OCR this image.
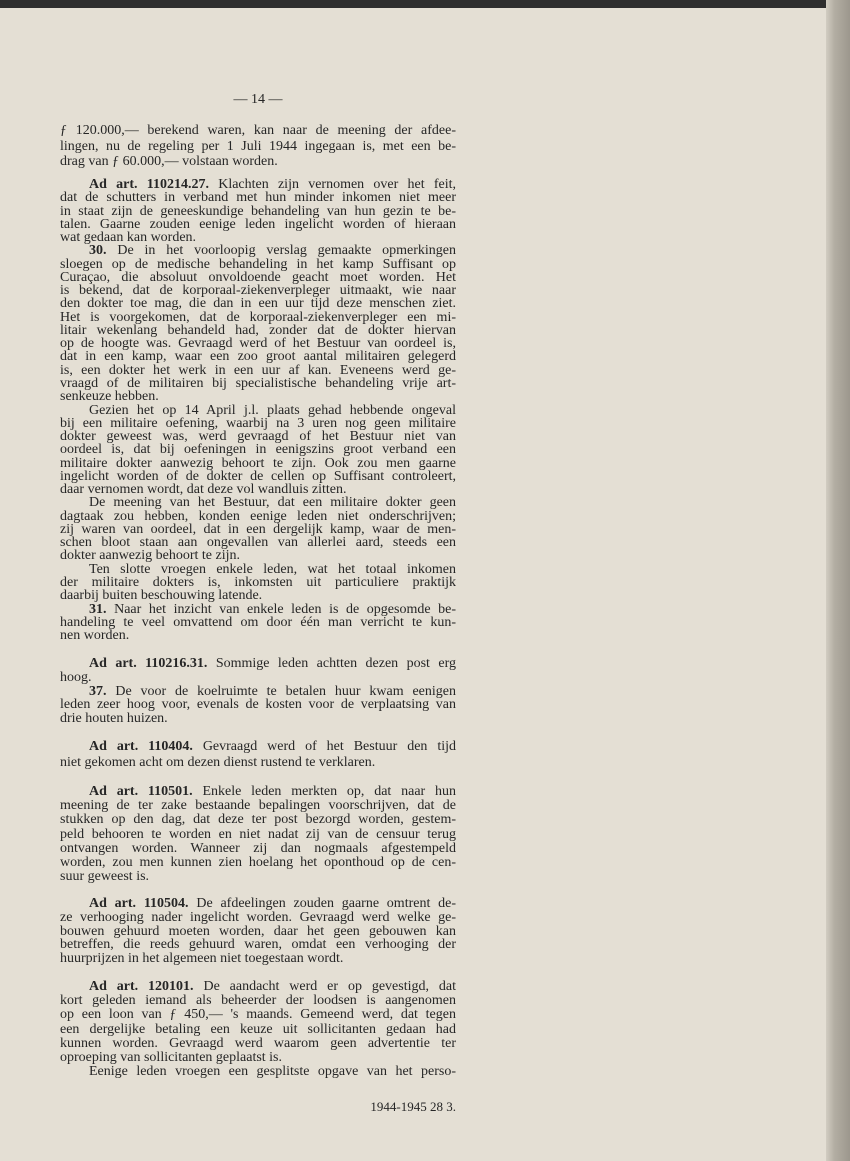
— 14 —
ƒ 120.000,— berekend waren, kan naar de meening der afdee-
lingen, nu de regeling per 1 Juli 1944 ingegaan is, met een be-
drag van ƒ 60.000,— volstaan worden.
Ad art. 110214.27. Klachten zijn vernomen over het feit,
dat de schutters in verband met hun minder inkomen niet meer
in staat zijn de geneeskundige behandeling van hun gezin te be-
talen. Gaarne zouden eenige leden ingelicht worden of hieraan
wat gedaan kan worden.
30. De in het voorloopig verslag gemaakte opmerkingen
sloegen op de medische behandeling in het kamp Suffisant op
Curaçao, die absoluut onvoldoende geacht moet worden. Het
is bekend, dat de korporaal-ziekenverpleger uitmaakt, wie naar
den dokter toe mag, die dan in een uur tijd deze menschen ziet.
Het is voorgekomen, dat de korporaal-ziekenverpleger een mi-
litair wekenlang behandeld had, zonder dat de dokter hiervan
op de hoogte was. Gevraagd werd of het Bestuur van oordeel is,
dat in een kamp, waar een zoo groot aantal militairen gelegerd
is, een dokter het werk in een uur af kan. Eveneens werd ge-
vraagd of de militairen bij specialistische behandeling vrije art-
senkeuze hebben.
Gezien het op 14 April j.l. plaats gehad hebbende ongeval
bij een militaire oefening, waarbij na 3 uren nog geen militaire
dokter geweest was, werd gevraagd of het Bestuur niet van
oordeel is, dat bij oefeningen in eenigszins groot verband een
militaire dokter aanwezig behoort te zijn. Ook zou men gaarne
ingelicht worden of de dokter de cellen op Suffisant controleert,
daar vernomen wordt, dat deze vol wandluis zitten.
De meening van het Bestuur, dat een militaire dokter geen
dagtaak zou hebben, konden eenige leden niet onderschrijven;
zij waren van oordeel, dat in een dergelijk kamp, waar de men-
schen bloot staan aan ongevallen van allerlei aard, steeds een
dokter aanwezig behoort te zijn.
Ten slotte vroegen enkele leden, wat het totaal inkomen
der militaire dokters is, inkomsten uit particuliere praktijk
daarbij buiten beschouwing latende.
31. Naar het inzicht van enkele leden is de opgesomde be-
handeling te veel omvattend om door één man verricht te kun-
nen worden.
Ad art. 110216.31. Sommige leden achtten dezen post erg
hoog.
37. De voor de koelruimte te betalen huur kwam eenigen
leden zeer hoog voor, evenals de kosten voor de verplaatsing van
drie houten huizen.
Ad art. 110404. Gevraagd werd of het Bestuur den tijd
niet gekomen acht om dezen dienst rustend te verklaren.
Ad art. 110501. Enkele leden merkten op, dat naar hun
meening de ter zake bestaande bepalingen voorschrijven, dat de
stukken op den dag, dat deze ter post bezorgd worden, gestem-
peld behooren te worden en niet nadat zij van de censuur terug
ontvangen worden. Wanneer zij dan nogmaals afgestempeld
worden, zou men kunnen zien hoelang het oponthoud op de cen-
suur geweest is.
Ad art. 110504. De afdeelingen zouden gaarne omtrent de-
ze verhooging nader ingelicht worden. Gevraagd werd welke ge-
bouwen gehuurd moeten worden, daar het geen gebouwen kan
betreffen, die reeds gehuurd waren, omdat een verhooging der
huurprijzen in het algemeen niet toegestaan wordt.
Ad art. 120101. De aandacht werd er op gevestigd, dat
kort geleden iemand als beheerder der loodsen is aangenomen
op een loon van ƒ 450,— 's maands. Gemeend werd, dat tegen
een dergelijke betaling een keuze uit sollicitanten gedaan had
kunnen worden. Gevraagd werd waarom geen advertentie ter
oproeping van sollicitanten geplaatst is.
Eenige leden vroegen een gesplitste opgave van het perso-
1944-1945 28 3.
